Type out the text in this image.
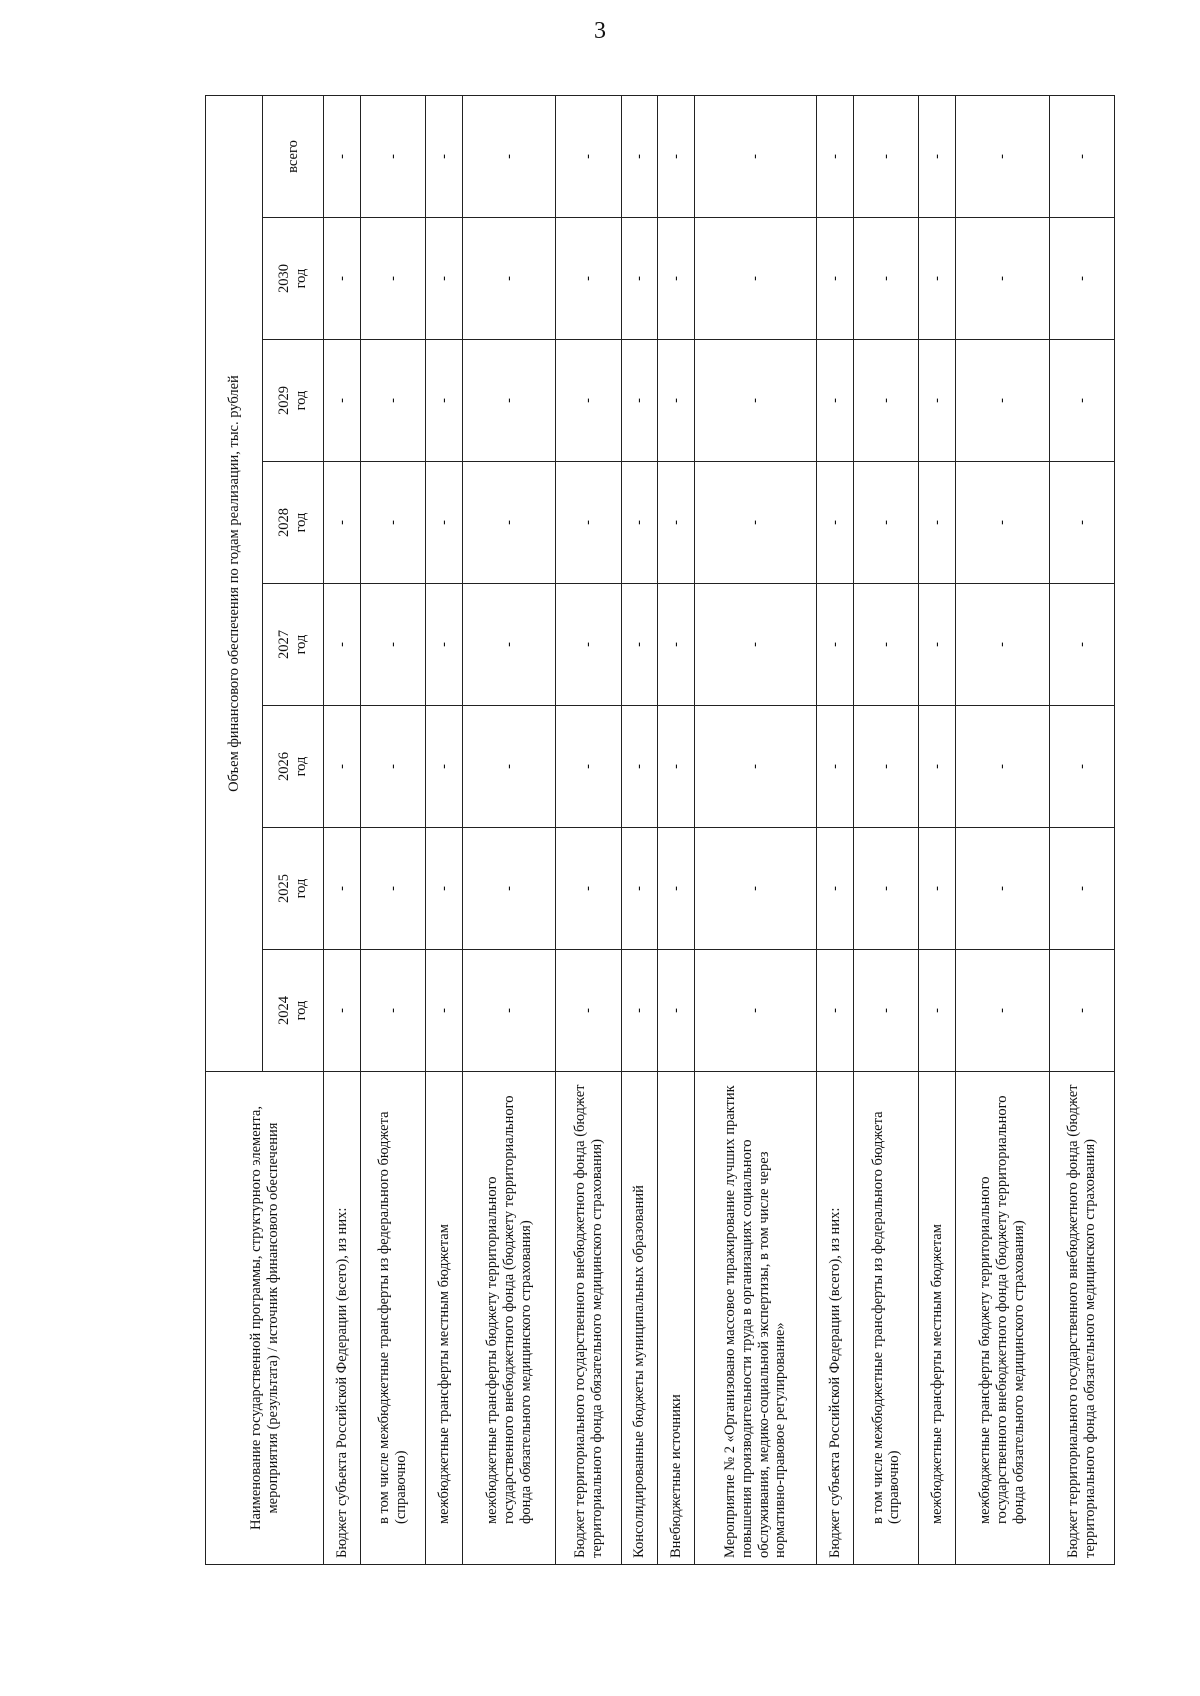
3
Наименование государственной программы, структурного элемента, мероприятия (результата) / источник финансового обеспечения	Объем финансового обеспечения по годам реализации, тыс. рублей							

	2024 год	2025 год	2026 год	2027 год	2028 год	2029 год	2030 год	всего
Бюджет субъекта Российской Федерации (всего), из них:	-	-	-	-	-	-	-	-
в том числе межбюджетные трансферты из федерального бюджета (справочно)	-	-	-	-	-	-	-	-
межбюджетные трансферты местным бюджетам	-	-	-	-	-	-	-	-
межбюджетные трансферты бюджету территориального государственного внебюджетного фонда (бюджету территориального фонда обязательного медицинского страхования)	-	-	-	-	-	-	-	-
Бюджет территориального государственного внебюджетного фонда (бюджет территориального фонда обязательного медицинского страхования)	-	-	-	-	-	-	-	-
Консолидированные бюджеты муниципальных образований	-	-	-	-	-	-	-	-
Внебюджетные источники	-	-	-	-	-	-	-	-
Мероприятие № 2 «Организовано массовое тиражирование лучших практик повышения производительности труда в организациях социального обслуживания, медико-социальной экспертизы, в том числе через нормативно-правовое регулирование»	-	-	-	-	-	-	-	-
Бюджет субъекта Российской Федерации (всего), из них:	-	-	-	-	-	-	-	-
в том числе межбюджетные трансферты из федерального бюджета (справочно)	-	-	-	-	-	-	-	-
межбюджетные трансферты местным бюджетам	-	-	-	-	-	-	-	-
межбюджетные трансферты бюджету территориального государственного внебюджетного фонда (бюджету территориального фонда обязательного медицинского страхования)	-	-	-	-	-	-	-	-
Бюджет территориального государственного внебюджетного фонда (бюджет территориального фонда обязательного медицинского страхования)	-	-	-	-	-	-	-	-
